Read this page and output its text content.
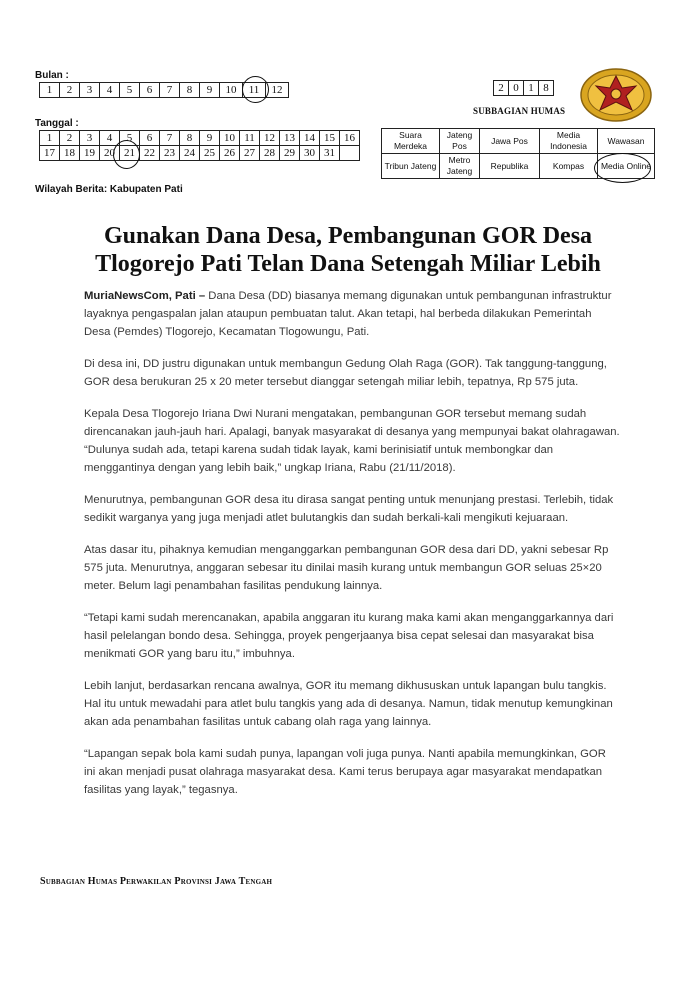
Bulan :
1	2	3	4	5	6	7	8	9	10	11	12
Tanggal :
1	2	3	4	5	6	7	8	9	10	11	12	13	14	15	16
17	18	19	20	21	22	23	24	25	26	27	28	29	30	31	
Wilayah Berita: Kabupaten Pati
2	0	1	8
SUBBAGIAN HUMAS
Suara Merdeka	Jateng Pos	Jawa Pos	Media Indonesia	Wawasan
Tribun Jateng	Metro Jateng	Republika	Kompas	Media Online
Gunakan Dana Desa, Pembangunan GOR Desa
Tlogorejo Pati Telan Dana Setengah Miliar Lebih

MuriaNewsCom, Pati – Dana Desa (DD) biasanya memang digunakan untuk pembangunan infrastruktur layaknya pengaspalan jalan ataupun pembuatan talut. Akan tetapi, hal berbeda dilakukan Pemerintah Desa (Pemdes) Tlogorejo, Kecamatan Tlogowungu, Pati.

Di desa ini, DD justru digunakan untuk membangun Gedung Olah Raga (GOR). Tak tanggung-tanggung, GOR desa berukuran 25 x 20 meter tersebut dianggar setengah miliar lebih, tepatnya, Rp 575 juta.

Kepala Desa Tlogorejo Iriana Dwi Nurani mengatakan, pembangunan GOR tersebut memang sudah direncanakan jauh-jauh hari. Apalagi, banyak masyarakat di desanya yang mempunyai bakat olahragawan.

“Dulunya sudah ada, tetapi karena sudah tidak layak, kami berinisiatif untuk membongkar dan menggantinya dengan yang lebih baik,” ungkap Iriana, Rabu (21/11/2018).

Menurutnya, pembangunan GOR desa itu dirasa sangat penting untuk menunjang prestasi. Terlebih, tidak sedikit warganya yang juga menjadi atlet bulutangkis dan sudah berkali-kali mengikuti kejuaraan.

Atas dasar itu, pihaknya kemudian menganggarkan pembangunan GOR desa dari DD, yakni sebesar Rp 575 juta. Menurutnya, anggaran sebesar itu dinilai masih kurang untuk membangun GOR seluas 25×20 meter. Belum lagi penambahan fasilitas pendukung lainnya.

“Tetapi kami sudah merencanakan, apabila anggaran itu kurang maka kami akan menganggarkannya dari hasil pelelangan bondo desa. Sehingga, proyek pengerjaanya bisa cepat selesai dan masyarakat bisa menikmati GOR yang baru itu,” imbuhnya.

Lebih lanjut, berdasarkan rencana awalnya, GOR itu memang dikhususkan untuk lapangan bulu tangkis. Hal itu untuk mewadahi para atlet bulu tangkis yang ada di desanya. Namun, tidak menutup kemungkinan akan ada penambahan fasilitas untuk cabang olah raga yang lainnya.

“Lapangan sepak bola kami sudah punya, lapangan voli juga punya. Nanti apabila memungkinkan, GOR ini akan menjadi pusat olahraga masyarakat desa. Kami terus berupaya agar masyarakat mendapatkan fasilitas yang layak,” tegasnya.

Subbagian Humas Perwakilan Provinsi Jawa Tengah
